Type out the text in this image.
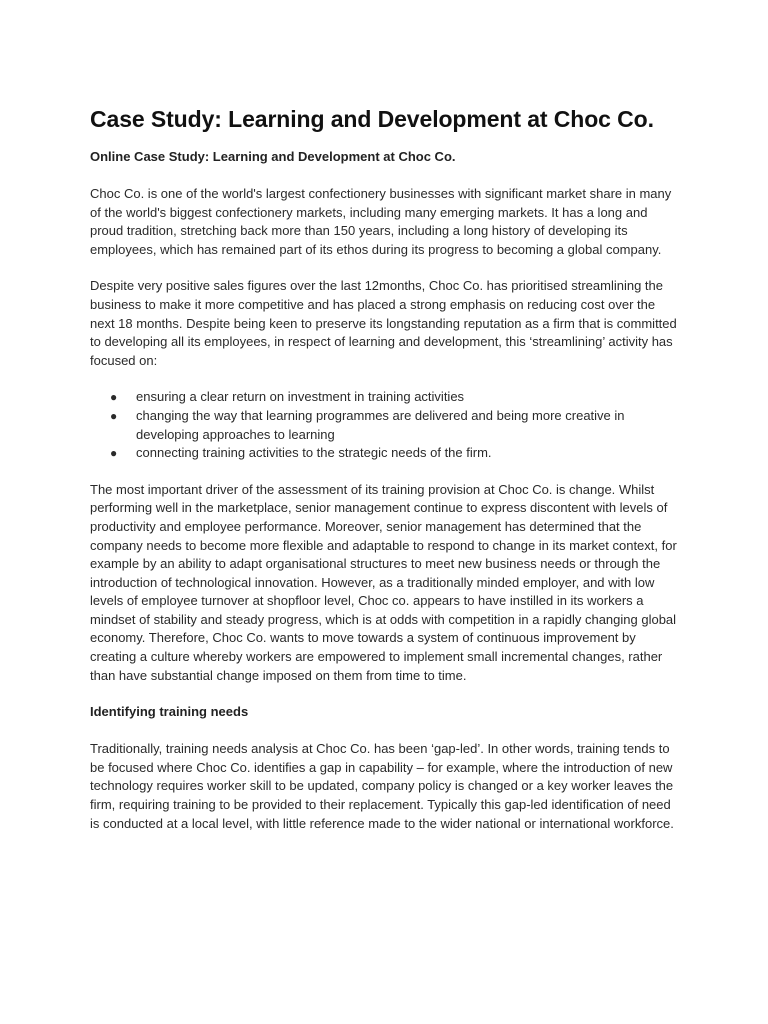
Case Study: Learning and Development at Choc Co.
Online Case Study: Learning and Development at Choc Co.

Choc Co. is one of the world's largest confectionery businesses with significant market share in many of the world's biggest confectionery markets, including many emerging markets. It has a long and proud tradition, stretching back more than 150 years, including a long history of developing its employees, which has remained part of its ethos during its progress to becoming a global company.

Despite very positive sales figures over the last 12months, Choc Co. has prioritised streamlining the business to make it more competitive and has placed a strong emphasis on reducing cost over the next 18 months. Despite being keen to preserve its longstanding reputation as a firm that is committed to developing all its employees, in respect of learning and development, this ‘streamlining’ activity has focused on:

● ensuring a clear return on investment in training activities
● changing the way that learning programmes are delivered and being more creative in developing approaches to learning
● connecting training activities to the strategic needs of the firm.

The most important driver of the assessment of its training provision at Choc Co. is change. Whilst performing well in the marketplace, senior management continue to express discontent with levels of productivity and employee performance. Moreover, senior management has determined that the company needs to become more flexible and adaptable to respond to change in its market context, for example by an ability to adapt organisational structures to meet new business needs or through the introduction of technological innovation. However, as a traditionally minded employer, and with low levels of employee turnover at shopfloor level, Choc co. appears to have instilled in its workers a mindset of stability and steady progress, which is at odds with competition in a rapidly changing global economy. Therefore, Choc Co. wants to move towards a system of continuous improvement by creating a culture whereby workers are empowered to implement small incremental changes, rather than have substantial change imposed on them from time to time.

Identifying training needs

Traditionally, training needs analysis at Choc Co. has been ‘gap-led’. In other words, training tends to be focused where Choc Co. identifies a gap in capability – for example, where the introduction of new technology requires worker skill to be updated, company policy is changed or a key worker leaves the firm, requiring training to be provided to their replacement. Typically this gap-led identification of need is conducted at a local level, with little reference made to the wider national or international workforce.
